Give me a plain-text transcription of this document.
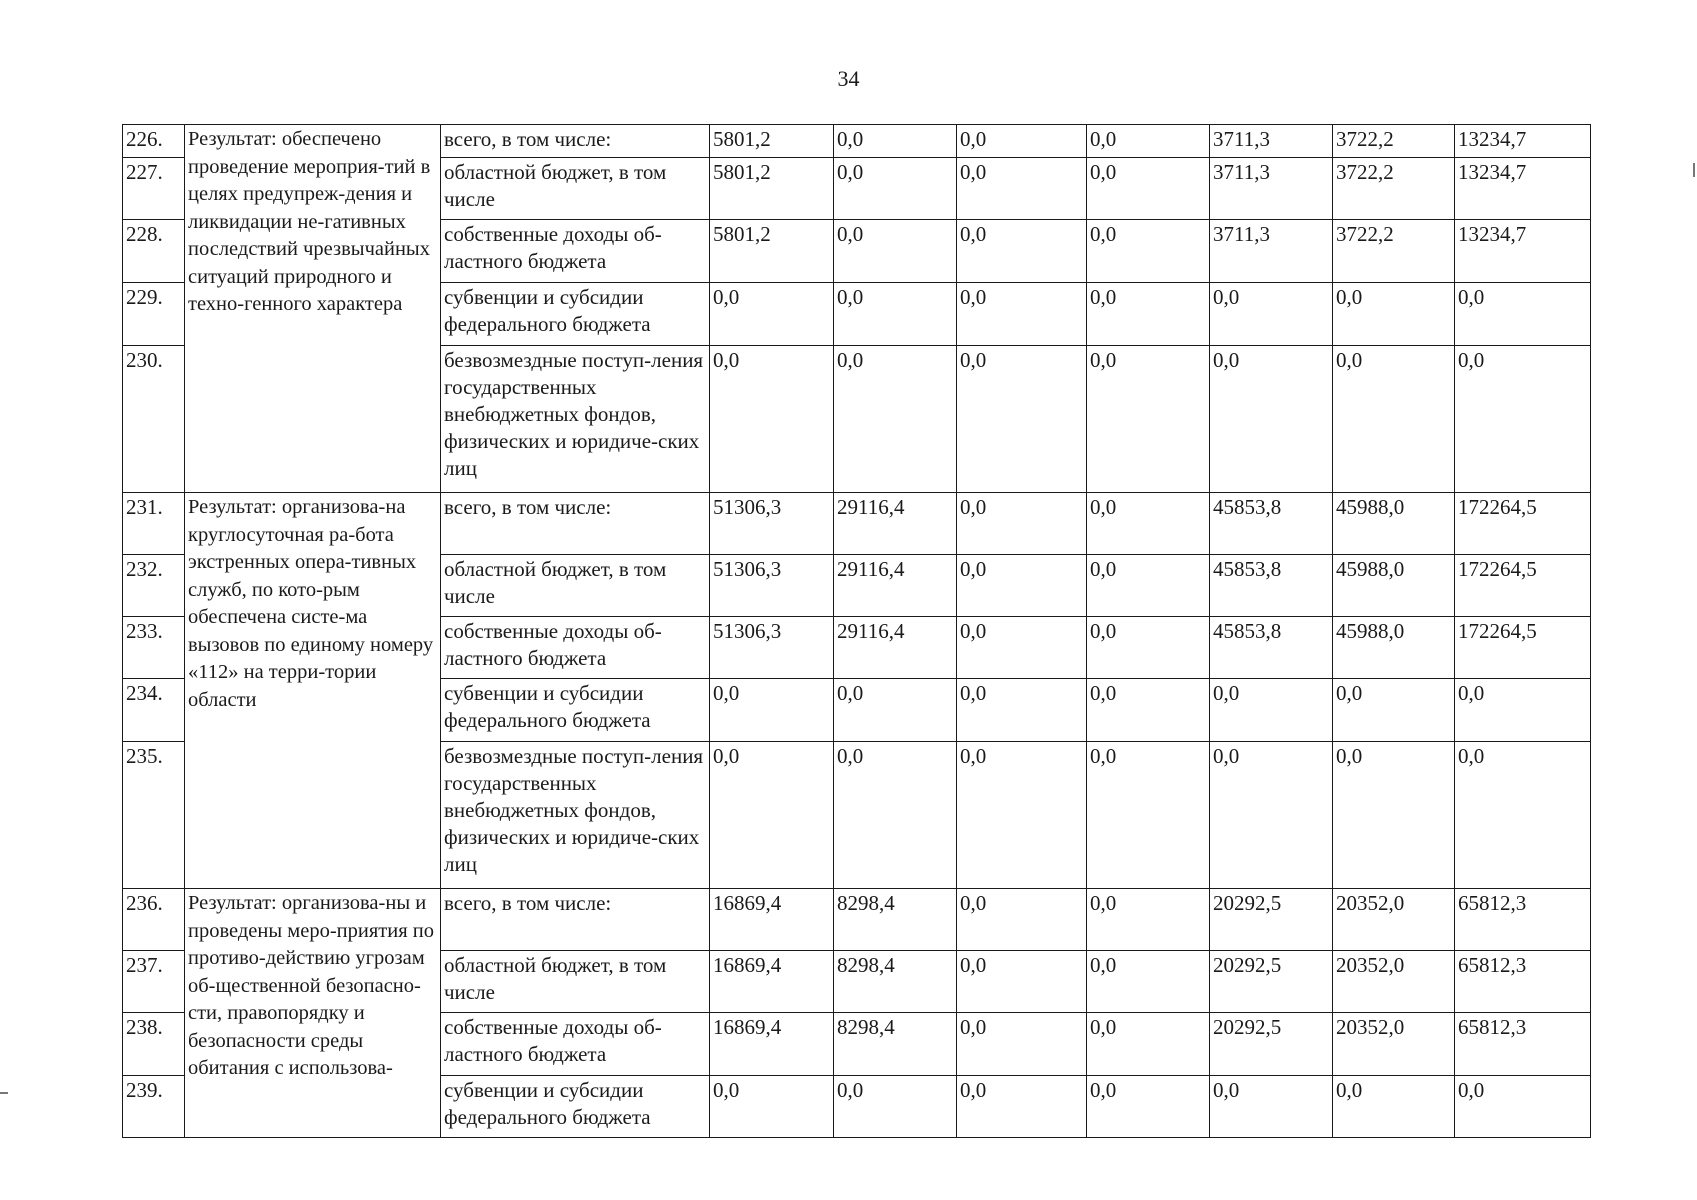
34
226.	Результат: обеспечено проведение мероприя-тий в целях предупреж-дения и ликвидации не-гативных последствий чрезвычайных ситуаций природного и техно-генного характера	всего, в том числе:	5801,2	0,0	0,0	0,0	3711,3	3722,2	13234,7
227.		областной бюджет, в том числе	5801,2	0,0	0,0	0,0	3711,3	3722,2	13234,7
228.		собственные доходы об-ластного бюджета	5801,2	0,0	0,0	0,0	3711,3	3722,2	13234,7
229.		субвенции и субсидии федерального бюджета	0,0	0,0	0,0	0,0	0,0	0,0	0,0
230.		безвозмездные поступ-ления государственных внебюджетных фондов, физических и юридиче-ских лиц	0,0	0,0	0,0	0,0	0,0	0,0	0,0
231.	Результат: организова-на круглосуточная ра-бота экстренных опера-тивных служб, по кото-рым обеспечена систе-ма вызовов по единому номеру «112» на терри-тории области	всего, в том числе:	51306,3	29116,4	0,0	0,0	45853,8	45988,0	172264,5
232.		областной бюджет, в том числе	51306,3	29116,4	0,0	0,0	45853,8	45988,0	172264,5
233.		собственные доходы об-ластного бюджета	51306,3	29116,4	0,0	0,0	45853,8	45988,0	172264,5
234.		субвенции и субсидии федерального бюджета	0,0	0,0	0,0	0,0	0,0	0,0	0,0
235.		безвозмездные поступ-ления государственных внебюджетных фондов, физических и юридиче-ских лиц	0,0	0,0	0,0	0,0	0,0	0,0	0,0
236.	Результат: организова-ны и проведены меро-приятия по противо-действию угрозам об-щественной безопасно-сти, правопорядку и безопасности среды обитания с использова-	всего, в том числе:	16869,4	8298,4	0,0	0,0	20292,5	20352,0	65812,3
237.		областной бюджет, в том числе	16869,4	8298,4	0,0	0,0	20292,5	20352,0	65812,3
238.		собственные доходы об-ластного бюджета	16869,4	8298,4	0,0	0,0	20292,5	20352,0	65812,3
239.		субвенции и субсидии федерального бюджета	0,0	0,0	0,0	0,0	0,0	0,0	0,0
